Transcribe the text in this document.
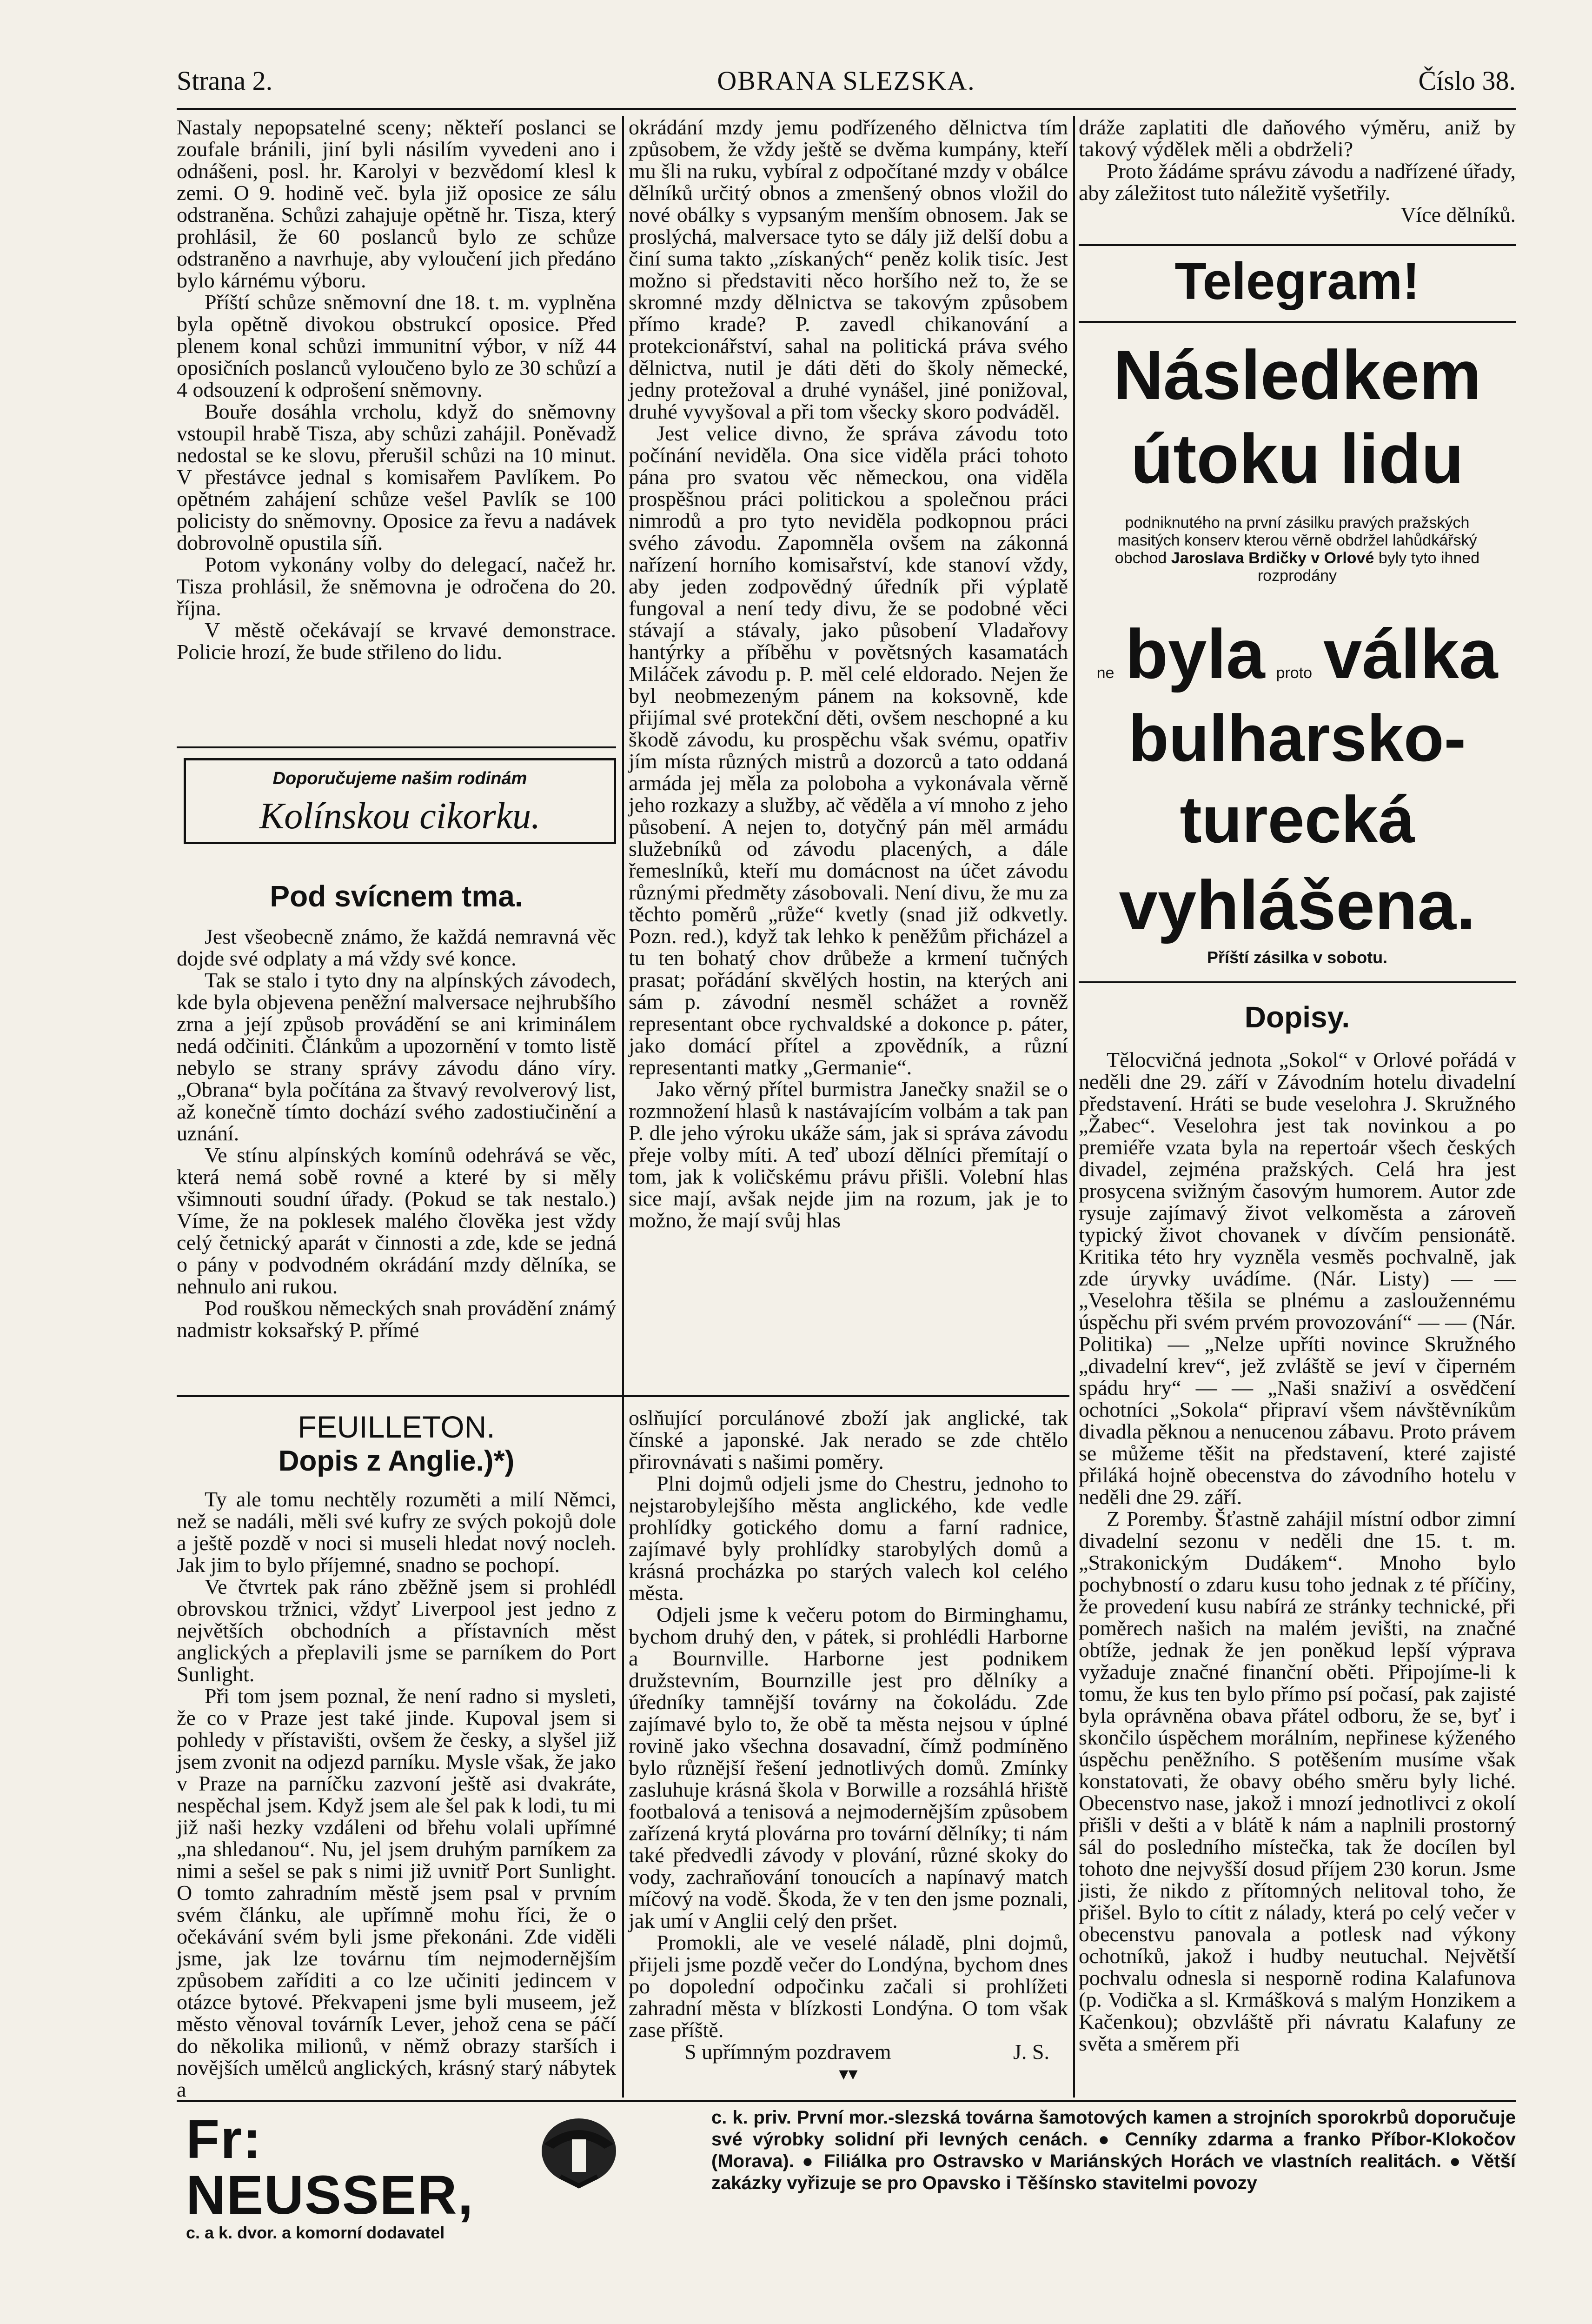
Strana 2.	OBRANA SLEZSKA.	Číslo 38.

Nastaly nepopsatelné sceny; někteří poslanci se zoufale bránili, jiní byli násilím vyvedeni ano i odnášeni, posl. hr. Karolyi v bezvědomí klesl k zemi. O 9. hodině več. byla již oposice ze sálu odstraněna. Schůzi zahajuje opětně hr. Tisza, který prohlásil, že 60 poslanců bylo ze schůze odstraněno a navrhuje, aby vyloučení jich předáno bylo kárnému výboru.

Příští schůze sněmovní dne 18. t. m. vyplněna byla opětně divokou obstrukcí oposice. Před plenem konal schůzi immunitní výbor, v níž 44 oposičních poslanců vyloučeno bylo ze 30 schůzí a 4 odsouzení k odprošení sněmovny.

Bouře dosáhla vrcholu, když do sněmovny vstoupil hrabě Tisza, aby schůzi zahájil. Poněvadž nedostal se ke slovu, přerušil schůzi na 10 minut. V přestávce jednal s komisařem Pavlíkem. Po opětném zahájení schůze vešel Pavlík se 100 policisty do sněmovny. Oposice za řevu a nadávek dobrovolně opustila síň.

Potom vykonány volby do delegací, načež hr. Tisza prohlásil, že sněmovna je odročena do 20. října.

V městě očekávají se krvavé demonstrace. Policie hrozí, že bude střileno do lidu.

Doporučujeme našim rodinám
Kolínskou cikorku.
Pod svícnem tma.

Jest všeobecně známo, že každá nemravná věc dojde své odplaty a má vždy své konce.

Tak se stalo i tyto dny na alpínských závodech, kde byla objevena peněžní malversace nejhrubšího zrna a její způsob provádění se ani kriminálem nedá odčiniti. Článkům a upozornění v tomto listě nebylo se strany správy závodu dáno víry. „Obrana“ byla počítána za štvavý revolverový list, až konečně tímto dochází svého zadostiučinění a uznání.

Ve stínu alpínských komínů odehrává se věc, která nemá sobě rovné a které by si měly všimnouti soudní úřady. (Pokud se tak nestalo.) Víme, že na poklesek malého člověka jest vždy celý četnický aparát v činnosti a zde, kde se jedná o pány v podvodném okrádání mzdy dělníka, se nehnulo ani rukou.

Pod rouškou německých snah provádění známý nadmistr koksařský P. přímé

FEUILLETON.
Dopis z Anglie.)*)

Ty ale tomu nechtěly rozuměti a milí Němci, než se nadáli, měli své kufry ze svých pokojů dole a ještě pozdě v noci si museli hledat nový nocleh. Jak jim to bylo příjemné, snadno se pochopí.

Ve čtvrtek pak ráno zběžně jsem si prohlédl obrovskou tržnici, vždyť Liverpool jest jedno z největších obchodních a přístavních měst anglických a přeplavili jsme se parníkem do Port Sunlight.

Při tom jsem poznal, že není radno si mysleti, že co v Praze jest také jinde. Kupoval jsem si pohledy v přístavišti, ovšem že česky, a slyšel již jsem zvonit na odjezd parníku. Mysle však, že jako v Praze na parníčku zazvoní ještě asi dvakráte, nespěchal jsem. Když jsem ale šel pak k lodi, tu mi již naši hezky vzdáleni od břehu volali upřímné „na shledanou“. Nu, jel jsem druhým parníkem za nimi a sešel se pak s nimi již uvnitř Port Sunlight. O tomto zahradním městě jsem psal v prvním svém článku, ale upřímně mohu říci, že o očekávání svém byli jsme překonáni. Zde viděli jsme, jak lze továrnu tím nejmodernějším způsobem zaříditi a co lze učiniti jedincem v otázce bytové. Překvapeni jsme byli museem, jež město věnoval továrník Lever, jehož cena se páčí do několika milionů, v němž obrazy starších i novějších umělců anglických, krásný starý nábytek a

okrádání mzdy jemu podřízeného dělnictva tím způsobem, že vždy ještě se dvěma kumpány, kteří mu šli na ruku, vybíral z odpočítané mzdy v obálce dělníků určitý obnos a zmenšený obnos vložil do nové obálky s vypsaným menším obnosem. Jak se proslýchá, malversace tyto se dály již delší dobu a činí suma takto „získaných“ peněz kolik tisíc. Jest možno si představiti něco horšího než to, že se skromné mzdy dělnictva se takovým způsobem přímo krade? P. zavedl chikanování a protekcionářství, sahal na politická práva svého dělnictva, nutil je dáti děti do školy německé, jedny protežoval a druhé vynášel, jiné ponižoval, druhé vyvyšoval a při tom všecky skoro podváděl.

Jest velice divno, že správa závodu toto počínání neviděla. Ona sice viděla práci tohoto pána pro svatou věc německou, ona viděla prospěšnou práci politickou a společnou práci nimrodů a pro tyto neviděla podkopnou práci svého závodu. Zapomněla ovšem na zákonná nařízení horního komisařství, kde stanoví vždy, aby jeden zodpovědný úředník při výplatě fungoval a není tedy divu, že se podobné věci stávají a stávaly, jako působení Vladařovy hantýrky a příběhu v povětsných kasamatách Miláček závodu p. P. měl celé eldorado. Nejen že byl neobmezeným pánem na koksovně, kde přijímal své protekční děti, ovšem neschopné a ku škodě závodu, ku prospěchu však svému, opatřiv jím místa různých mistrů a dozorců a tato oddaná armáda jej měla za poloboha a vykonávala věrně jeho rozkazy a služby, ač věděla a ví mnoho z jeho působení. A nejen to, dotyčný pán měl armádu služebníků od závodu placených, a dále řemeslníků, kteří mu domácnost na účet závodu různými předměty zásobovali. Není divu, že mu za těchto poměrů „růže“ kvetly (snad již odkvetly. Pozn. red.), když tak lehko k peněžům přicházel a tu ten bohatý chov drůbeže a krmení tučných prasat; pořádání skvělých hostin, na kterých ani sám p. závodní nesměl schážet a rovněž representant obce rychvaldské a dokonce p. páter, jako domácí přítel a zpovědník, a různí representanti matky „Germanie“.

Jako věrný přítel burmistra Janečky snažil se o rozmnožení hlasů k nastávajícím volbám a tak pan P. dle jeho výroku ukáže sám, jak si správa závodu přeje volby míti. A teď ubozí dělníci přemítají o tom, jak k voličskému právu přišli. Volební hlas sice mají, avšak nejde jim na rozum, jak je to možno, že mají svůj hlas

oslňující porculánové zboží jak anglické, tak čínské a japonské. Jak nerado se zde chtělo přirovnávati s našimi poměry.

Plni dojmů odjeli jsme do Chestru, jednoho to nejstarobylejšího města anglického, kde vedle prohlídky gotického domu a farní radnice, zajímavé byly prohlídky starobylých domů a krásná procházka po starých valech kol celého města.

Odjeli jsme k večeru potom do Birminghamu, bychom druhý den, v pátek, si prohlédli Harborne a Bournville. Harborne jest podnikem družstevním, Bournzille jest pro dělníky a úředníky tamnější továrny na čokoládu. Zde zajímavé bylo to, že obě ta města nejsou v úplné rovině jako všechna dosavadní, čímž podmíněno bylo různější řešení jednotlivých domů. Zmínky zasluhuje krásná škola v Borwille a rozsáhlá hřiště footbalová a tenisová a nejmodernějším způsobem zařízená krytá plovárna pro tovární dělníky; ti nám také předvedli závody v plování, různé skoky do vody, zachraňování tonoucích a napínavý match míčový na vodě. Škoda, že v ten den jsme poznali, jak umí v Anglii celý den pršet.

Promokli, ale ve veselé náladě, plni dojmů, přijeli jsme pozdě večer do Londýna, bychom dnes po dopolední odpočinku začali si prohlížeti zahradní města v blízkosti Londýna. O tom však zase příště.

S upřímným pozdravem	J. S.
▾▾

dráže zaplatiti dle daňového výměru, aniž by takový výdělek měli a obdrželi?

Proto žádáme správu závodu a nadřízené úřady, aby záležitost tuto náležitě vyšetřily.

Více dělníků.
Telegram!
Následkem
útoku lidu
podniknutého na první zásilku pravých pražských masitých konserv kterou věrně obdržel lahůdkářský obchod Jaroslava Brdičky v Orlové byly tyto ihned rozprodány
ne byla proto válka
bulharsko-turecká
vyhlášena.
Příští zásilka v sobotu.
Dopisy.

Tělocvičná jednota „Sokol“ v Orlové pořádá v neděli dne 29. září v Závodním hotelu divadelní představení. Hráti se bude veselohra J. Skružného „Žabec“. Veselohra jest tak novinkou a po premiéře vzata byla na repertoár všech českých divadel, zejména pražských. Celá hra jest prosycena svižným časovým humorem. Autor zde rysuje zajímavý život velkoměsta a zároveň typický život chovanek v dívčím pensionátě. Kritika této hry vyzněla vesměs pochvalně, jak zde úryvky uvádíme. (Nár. Listy) — — „Veselohra těšila se plnému a zasloužennému úspěchu při svém prvém provozování“ — — (Nár. Politika) — „Nelze upříti novince Skružného „divadelní krev“, jež zvláště se jeví v čiperném spádu hry“ — — „Naši snaživí a osvědčení ochotníci „Sokola“ připraví všem návštěvníkům divadla pěknou a nenucenou zábavu. Proto právem se můžeme těšit na představení, které zajisté přiláká hojně obecenstva do závodního hotelu v neděli dne 29. září.

Z Poremby. Šťastně zahájil místní odbor zimní divadelní sezonu v neděli dne 15. t. m. „Strakonickým Dudákem“. Mnoho bylo pochybností o zdaru kusu toho jednak z té příčiny, že provedení kusu nabírá ze stránky technické, při poměrech našich na malém jevišti, na značné obtíže, jednak že jen poněkud lepší výprava vyžaduje značné finanční oběti. Připojíme-li k tomu, že kus ten bylo přímo psí počasí, pak zajisté byla oprávněna obava přátel odboru, že se, byť i skončilo úspěchem morálním, nepřinese kýženého úspěchu peněžního. S potěšením musíme však konstatovati, že obavy obého směru byly liché. Obecenstvo nase, jakož i mnozí jednotlivci z okolí přišli v dešti a v blátě k nám a naplnili prostorný sál do posledního místečka, tak že docílen byl tohoto dne nejvyšší dosud příjem 230 korun. Jsme jisti, že nikdo z přítomných nelitoval toho, že přišel. Bylo to cítit z nálady, která po celý večer v obecenstvu panovala a potlesk nad výkony ochotníků, jakož i hudby neutuchal. Největší pochvalu odnesla si nesporně rodina Kalafunova (p. Vodička a sl. Krmášková s malým Honzikem a Kačenkou); obzvláště při návratu Kalafuny ze světa a směrem při

Fr: NEUSSER,
c. a k. dvor. a komorní dodavatel
c. k. priv. První mor.-slezská továrna šamotových kamen a strojních sporokrbů doporučuje své výrobky solidní při levných cenách. ● Cenníky zdarma a franko Příbor-Klokočov (Morava). ● Filiálka pro Ostravsko v Mariánských Horách ve vlastních realitách. ● Větší zakázky vyřizuje se pro Opavsko i Těšínsko stavitelmi povozy
